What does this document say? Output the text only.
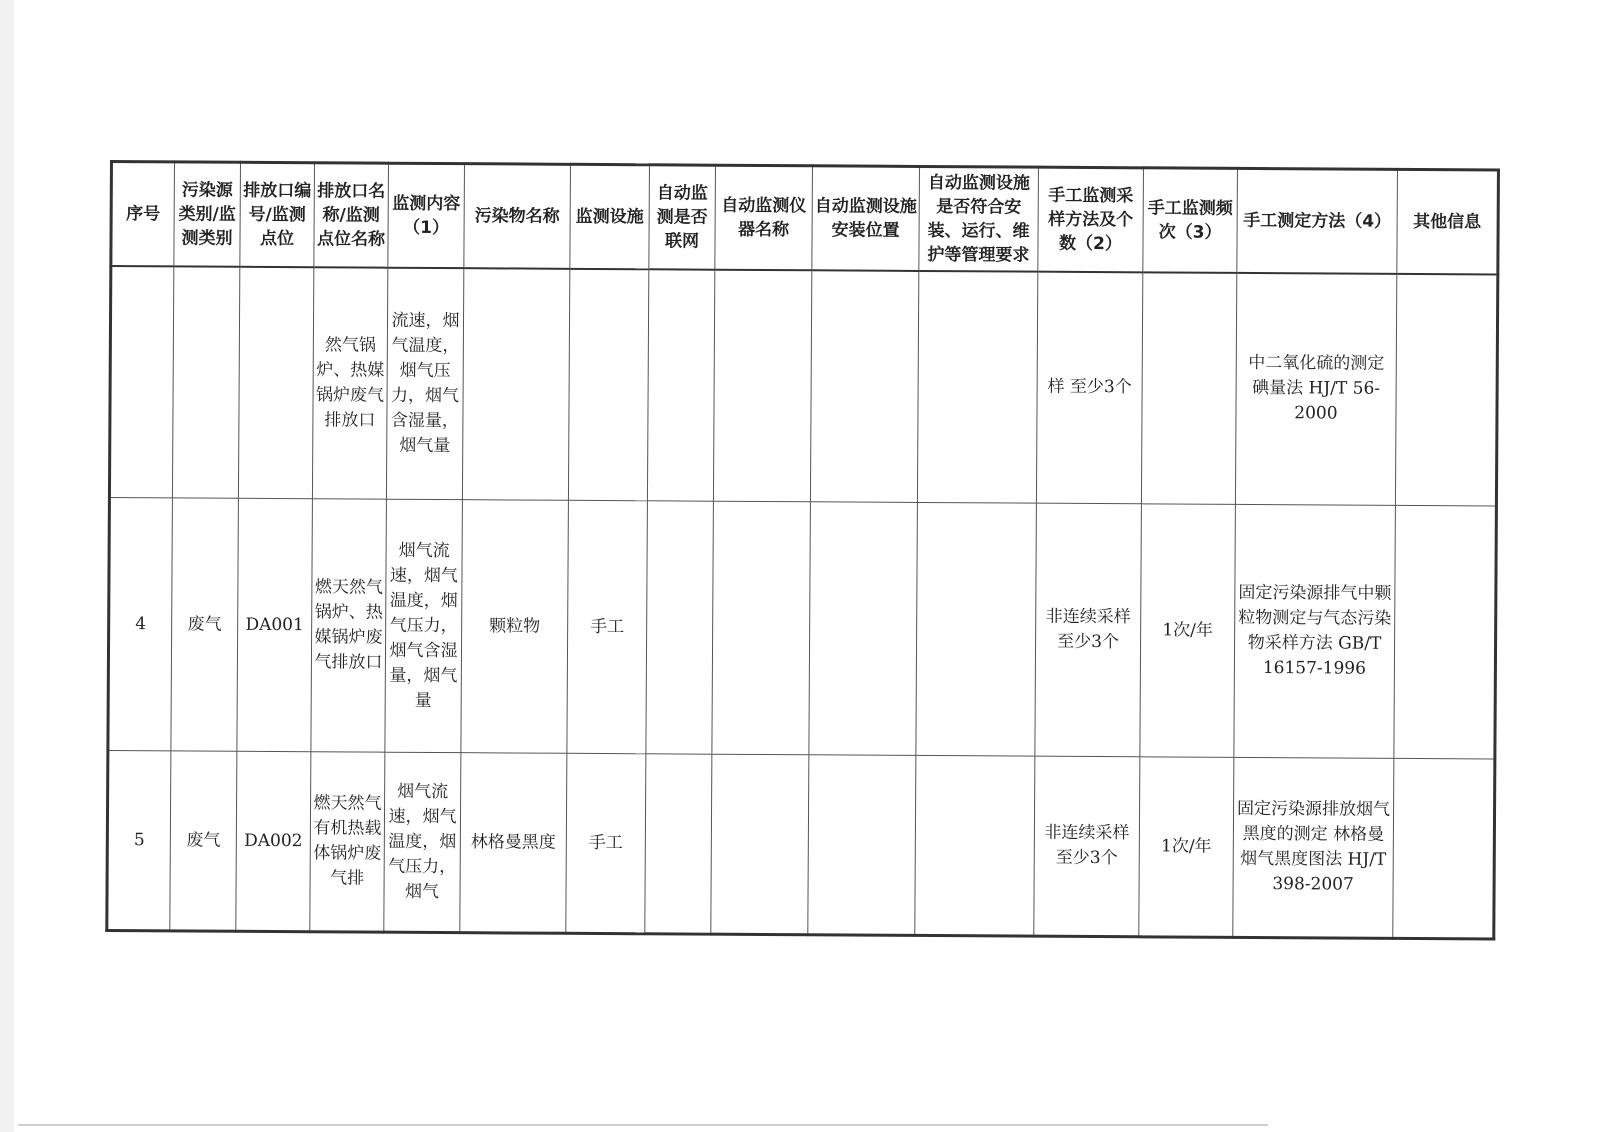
序号	污染源类别/监测类别	排放口编号/监测点位	排放口名称/监测点位名称	监测内容（1）	污染物名称	监测设施	自动监测是否联网	自动监测仪器名称	自动监测设施安装位置	自动监测设施是否符合安装、运行、维护等管理要求	手工监测采样方法及个数（2）	手工监测频次（3）	手工测定方法（4）	其他信息
			然气锅炉、热媒锅炉废气排放口	流速，烟气温度，烟气压力，烟气含湿量，烟气量							样 至少3个		中二氧化硫的测定 碘量法 HJ/T 56-2000	
4	废气	DA001	燃天然气锅炉、热媒锅炉废气排放口	烟气流速，烟气温度，烟气压力，烟气含湿量，烟气量	颗粒物	手工					非连续采样 至少3个	1次/年	固定污染源排气中颗粒物测定与气态污染物采样方法 GB/T 16157-1996	
5	废气	DA002	燃天然气有机热载体锅炉废气排	烟气流速，烟气温度，烟气压力，烟气	林格曼黑度	手工					非连续采样 至少3个	1次/年	固定污染源排放烟气黑度的测定 林格曼烟气黑度图法 HJ/T 398-2007	
